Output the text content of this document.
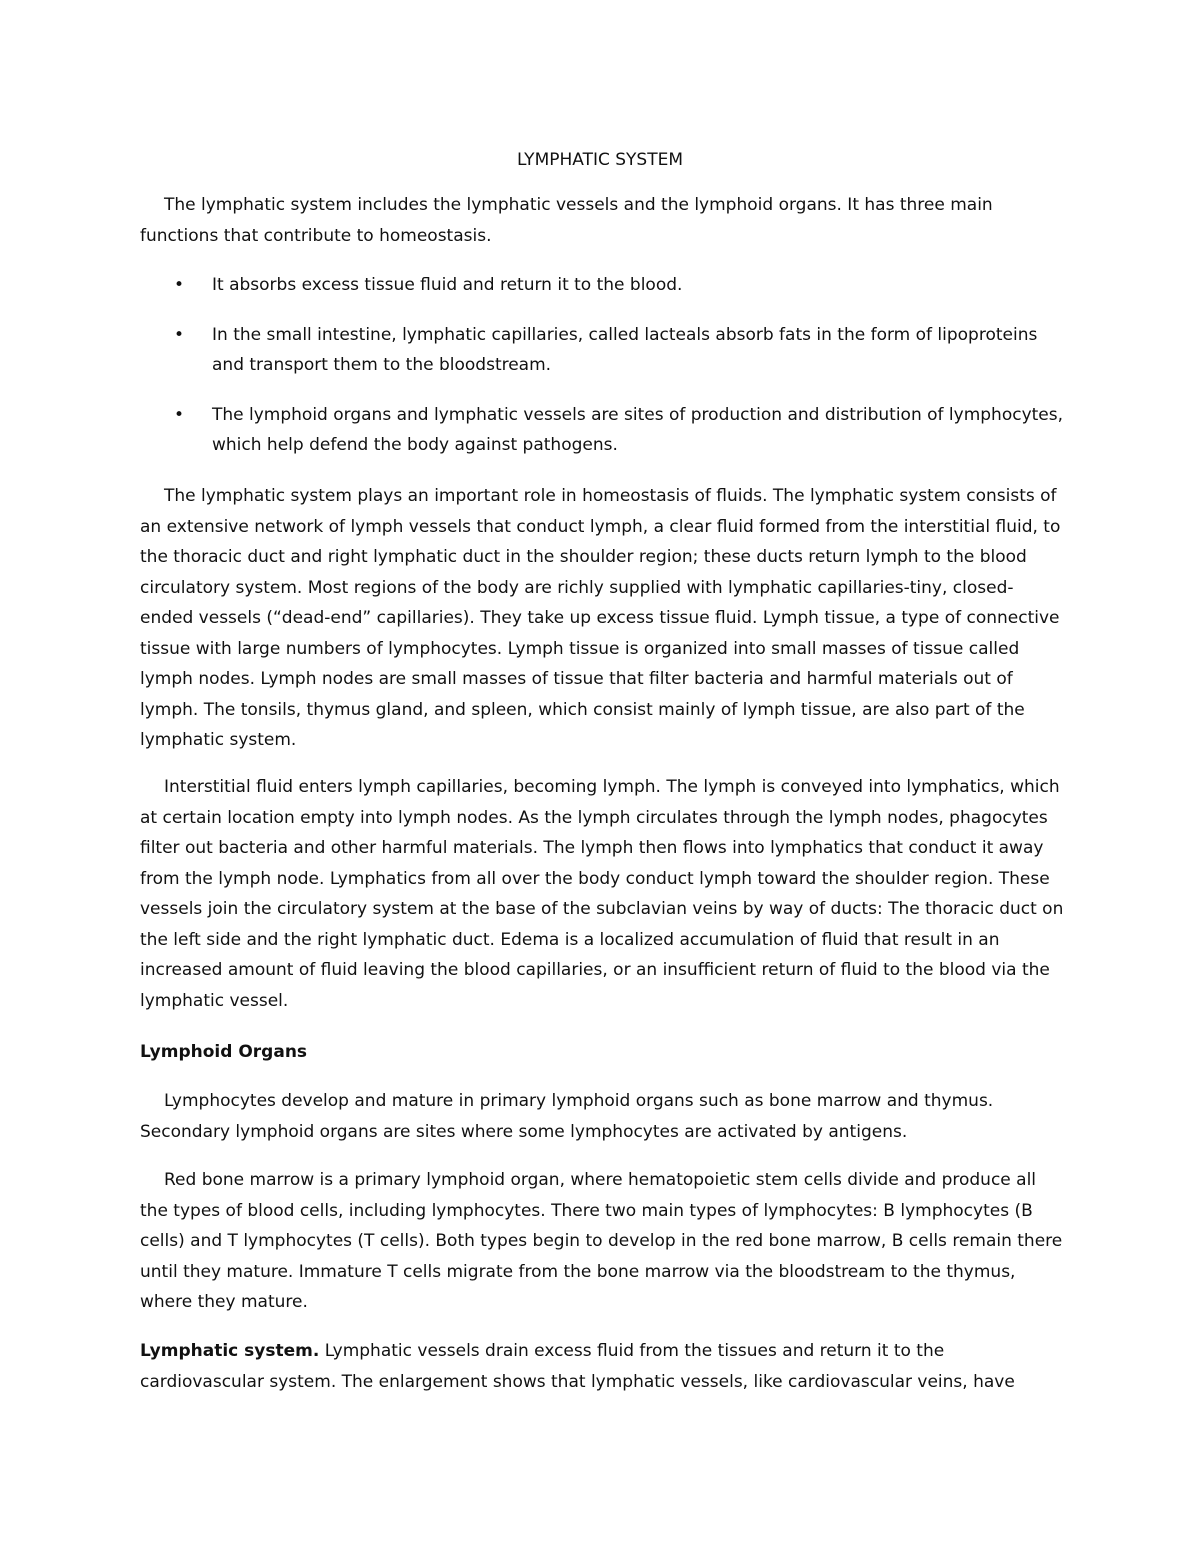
LYMPHATIC SYSTEM

The lymphatic system includes the lymphatic vessels and the lymphoid organs. It has three main functions that contribute to homeostasis.

• It absorbs excess tissue fluid and return it to the blood.
• In the small intestine, lymphatic capillaries, called lacteals absorb fats in the form of lipoproteins and transport them to the bloodstream.
• The lymphoid organs and lymphatic vessels are sites of production and distribution of lymphocytes, which help defend the body against pathogens.

The lymphatic system plays an important role in homeostasis of fluids. The lymphatic system consists of an extensive network of lymph vessels that conduct lymph, a clear fluid formed from the interstitial fluid, to the thoracic duct and right lymphatic duct in the shoulder region; these ducts return lymph to the blood circulatory system. Most regions of the body are richly supplied with lymphatic capillaries-tiny, closed-ended vessels (“dead-end” capillaries). They take up excess tissue fluid. Lymph tissue, a type of connective tissue with large numbers of lymphocytes. Lymph tissue is organized into small masses of tissue called lymph nodes. Lymph nodes are small masses of tissue that filter bacteria and harmful materials out of lymph. The tonsils, thymus gland, and spleen, which consist mainly of lymph tissue, are also part of the lymphatic system.

Interstitial fluid enters lymph capillaries, becoming lymph. The lymph is conveyed into lymphatics, which at certain location empty into lymph nodes. As the lymph circulates through the lymph nodes, phagocytes filter out bacteria and other harmful materials. The lymph then flows into lymphatics that conduct it away from the lymph node. Lymphatics from all over the body conduct lymph toward the shoulder region. These vessels join the circulatory system at the base of the subclavian veins by way of ducts: The thoracic duct on the left side and the right lymphatic duct. Edema is a localized accumulation of fluid that result in an increased amount of fluid leaving the blood capillaries, or an insufficient return of fluid to the blood via the lymphatic vessel.

Lymphoid Organs

Lymphocytes develop and mature in primary lymphoid organs such as bone marrow and thymus. Secondary lymphoid organs are sites where some lymphocytes are activated by antigens.

Red bone marrow is a primary lymphoid organ, where hematopoietic stem cells divide and produce all the types of blood cells, including lymphocytes. There two main types of lymphocytes: B lymphocytes (B cells) and T lymphocytes (T cells). Both types begin to develop in the red bone marrow, B cells remain there until they mature. Immature T cells migrate from the bone marrow via the bloodstream to the thymus, where they mature.

Lymphatic system. Lymphatic vessels drain excess fluid from the tissues and return it to the cardiovascular system. The enlargement shows that lymphatic vessels, like cardiovascular veins, have
